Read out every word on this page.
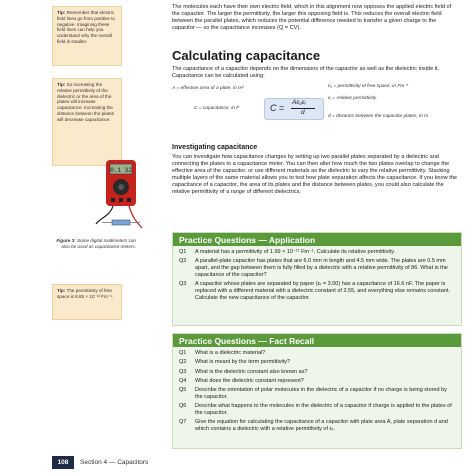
Tip: Remember that electric field lines go from positive to negative. Imagining these field lines can help you understand why the overall field is smaller.
Tip: So increasing the relative permittivity of the dielectric or the area of the plates will increase capacitance. Increasing the distance between the plates will decrease capacitance.
0.1 32
Figure 3: Some digital multimeters can also be used as capacitance meters.
Tip: The permittivity of free space is 8.85 × 10⁻¹² Fm⁻¹.

The molecules each have their own electric field, which in this alignment now opposes the applied electric field of the capacitor. The larger the permittivity, the larger this opposing field is. This reduces the overall electric field between the parallel plates, which reduces the potential difference needed to transfer a given charge to the capacitor — so the capacitance increases (Q = CV).

Calculating capacitance

The capacitance of a capacitor depends on the dimensions of the capacitor as well as the dielectric inside it. Capacitance can be calculated using:

A = effective area of a plate, in m²	ε₀ = permittivity of free space, in Fm⁻¹
εᵣ = relative permittivity
C = capacitance, in F
d = distance between the capacitor plates, in m
C =
Aε₀εᵣ
d
Investigating capacitance

You can investigate how capacitance changes by setting up two parallel plates separated by a dielectric and connecting the plates to a capacitance meter. You can then alter how much the two plates overlap to change the effective area of the capacitor, or use different materials as the dielectric to vary the relative permittivity. Stacking multiple layers of the same material allows you to test how plate separation affects the capacitance. If you know the capacitance of a capacitor, the area of its plates and the distance between plates, you could also calculate the relative permittivity of a range of different dielectrics.

Practice Questions — Application
Q1	A material has a permittivity of 1.99 × 10⁻¹¹ Fm⁻¹. Calculate its relative permittivity.
Q2	A parallel-plate capacitor has plates that are 6.0 mm in length and 4.5 mm wide. The plates are 0.5 mm apart, and the gap between them is fully filled by a dielectric with a relative permittivity of 86. What is the capacitance of the capacitor?
Q3	A capacitor whose plates are separated by paper (εᵣ = 3.00) has a capacitance of 16.6 nF. The paper is replaced with a different material with a dielectric constant of 2.55, and everything else remains constant. Calculate the new capacitance of the capacitor.
Practice Questions — Fact Recall
Q1	What is a dielectric material?
Q2	What is meant by the term permittivity?
Q3	What is the dielectric constant also known as?
Q4	What does the dielectric constant represent?
Q5	Describe the orientation of polar molecules in the dielectric of a capacitor if no charge is being stored by the capacitor.
Q6	Describe what happens to the molecules in the dielectric of a capacitor if charge is applied to the plates of the capacitor.
Q7	Give the equation for calculating the capacitance of a capacitor with plate area A, plate separation d and which contains a dielectric with a relative permittivity of εᵣ.
108	Section 4 — Capacitors
